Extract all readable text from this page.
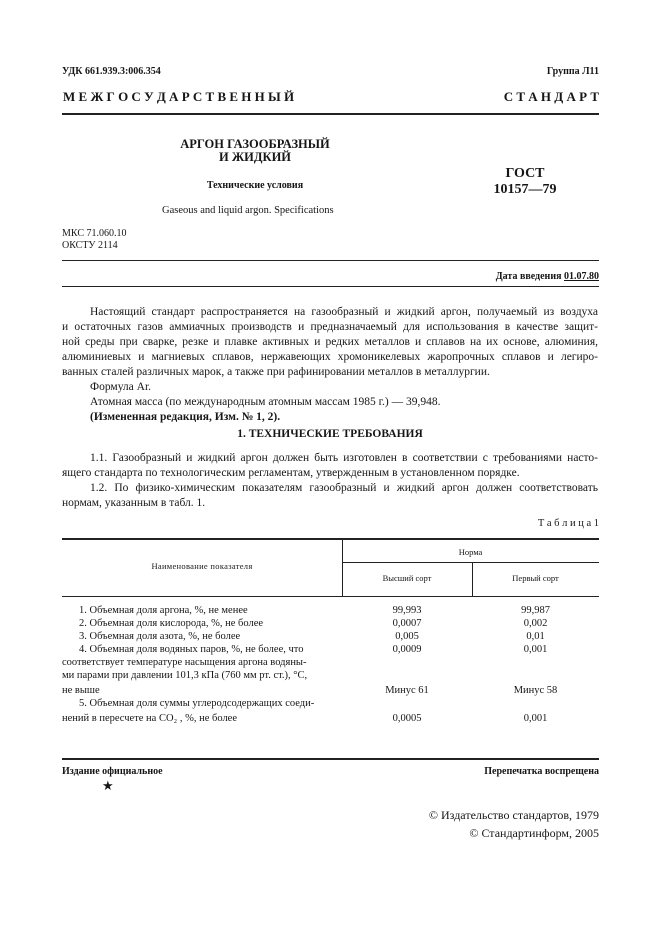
УДК 661.939.3:006.354	Группа Л11
М Е Ж Г О С У Д А Р С Т В Е Н Н Ы Й	С Т А Н Д А Р Т
АРГОН ГАЗООБРАЗНЫЙ
И ЖИДКИЙ
Технические условия
Gaseous and liquid argon. Specifications
ГОСТ
10157—79
МКС 71.060.10
ОКСТУ 2114
Дата введения 01.07.80
Настоящий стандарт распространяется на газообразный и жидкий аргон, получаемый из воздуха
и остаточных газов аммиачных производств и предназначаемый для использования в качестве защит-
ной среды при сварке, резке и плавке активных и редких металлов и сплавов на их основе, алюминия,
алюминиевых и магниевых сплавов, нержавеющих хромоникелевых жаропрочных сплавов и легиро-
ванных сталей различных марок, а также при рафинировании металлов в металлургии.
Формула Ar.
Атомная масса (по международным атомным массам 1985 г.) — 39,948.
(Измененная редакция, Изм. № 1, 2).
1. ТЕХНИЧЕСКИЕ ТРЕБОВАНИЯ
1.1. Газообразный и жидкий аргон должен быть изготовлен в соответствии с требованиями насто-
ящего стандарта по технологическим регламентам, утвержденным в установленном порядке.
1.2. По физико-химическим показателям газообразный и жидкий аргон должен соответствовать
нормам, указанным в табл. 1.
Т а б л и ц а 1
Наименование показателя
Норма
Высший сорт	Первый сорт
1. Объемная доля аргона, %, не менее	99,993	99,987
2. Объемная доля кислорода, %, не более	0,0007	0,002
3. Объемная доля азота, %, не более	0,005	0,01
4. Объемная доля водяных паров, %, не более, что	0,0009	0,001
соответствует температуре насыщения аргона водяны-
ми парами при давлении 101,3 кПа (760 мм рт. ст.), °С,
не выше	Минус 61	Минус 58
5. Объемная доля суммы углеродсодержащих соеди-
нений в пересчете на CO₂ , %, не более	0,0005	0,001
Издание официальное
★
Перепечатка воспрещена
© Издательство стандартов, 1979
© Стандартинформ, 2005
